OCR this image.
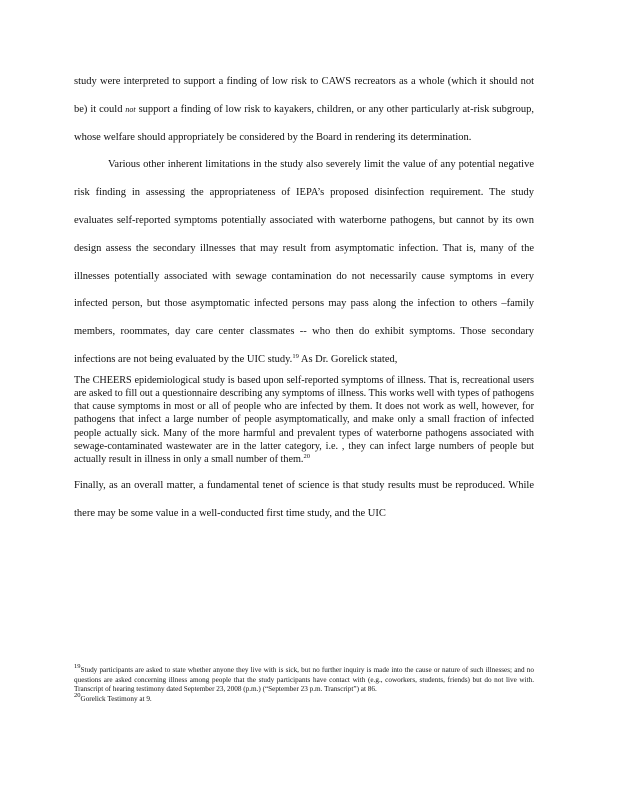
study were interpreted to support a finding of low risk to CAWS recreators as a whole (which it should not be) it could not support a finding of low risk to kayakers, children, or any other particularly at-risk subgroup, whose welfare should appropriately be considered by the Board in rendering its determination.

Various other inherent limitations in the study also severely limit the value of any potential negative risk finding in assessing the appropriateness of IEPA’s proposed disinfection requirement. The study evaluates self-reported symptoms potentially associated with waterborne pathogens, but cannot by its own design assess the secondary illnesses that may result from asymptomatic infection. That is, many of the illnesses potentially associated with sewage contamination do not necessarily cause symptoms in every infected person, but those asymptomatic infected persons may pass along the infection to others –family members, roommates, day care center classmates -- who then do exhibit symptoms. Those secondary infections are not being evaluated by the UIC study.$^{19}$ As Dr. Gorelick stated,

The CHEERS epidemiological study is based upon self-reported symptoms of illness. That is, recreational users are asked to fill out a questionnaire describing any symptoms of illness. This works well with types of pathogens that cause symptoms in most or all of people who are infected by them. It does not work as well, however, for pathogens that infect a large number of people asymptomatically, and make only a small fraction of infected people actually sick. Many of the more harmful and prevalent types of waterborne pathogens associated with sewage-contaminated wastewater are in the latter category, i.e. , they can infect large numbers of people but actually result in illness in only a small number of them.$^{20}$

Finally, as an overall matter, a fundamental tenet of science is that study results must be reproduced. While there may be some value in a well-conducted first time study, and the UIC

$^{19}$Study participants are asked to state whether anyone they live with is sick, but no further inquiry is made into the cause or nature of such illnesses; and no questions are asked concerning illness among people that the study participants have contact with (e.g., coworkers, students, friends) but do not live with. Transcript of hearing testimony dated September 23, 2008 (p.m.) (“September 23 p.m. Transcript”) at 86.

$^{20}$Gorelick Testimony at 9.
